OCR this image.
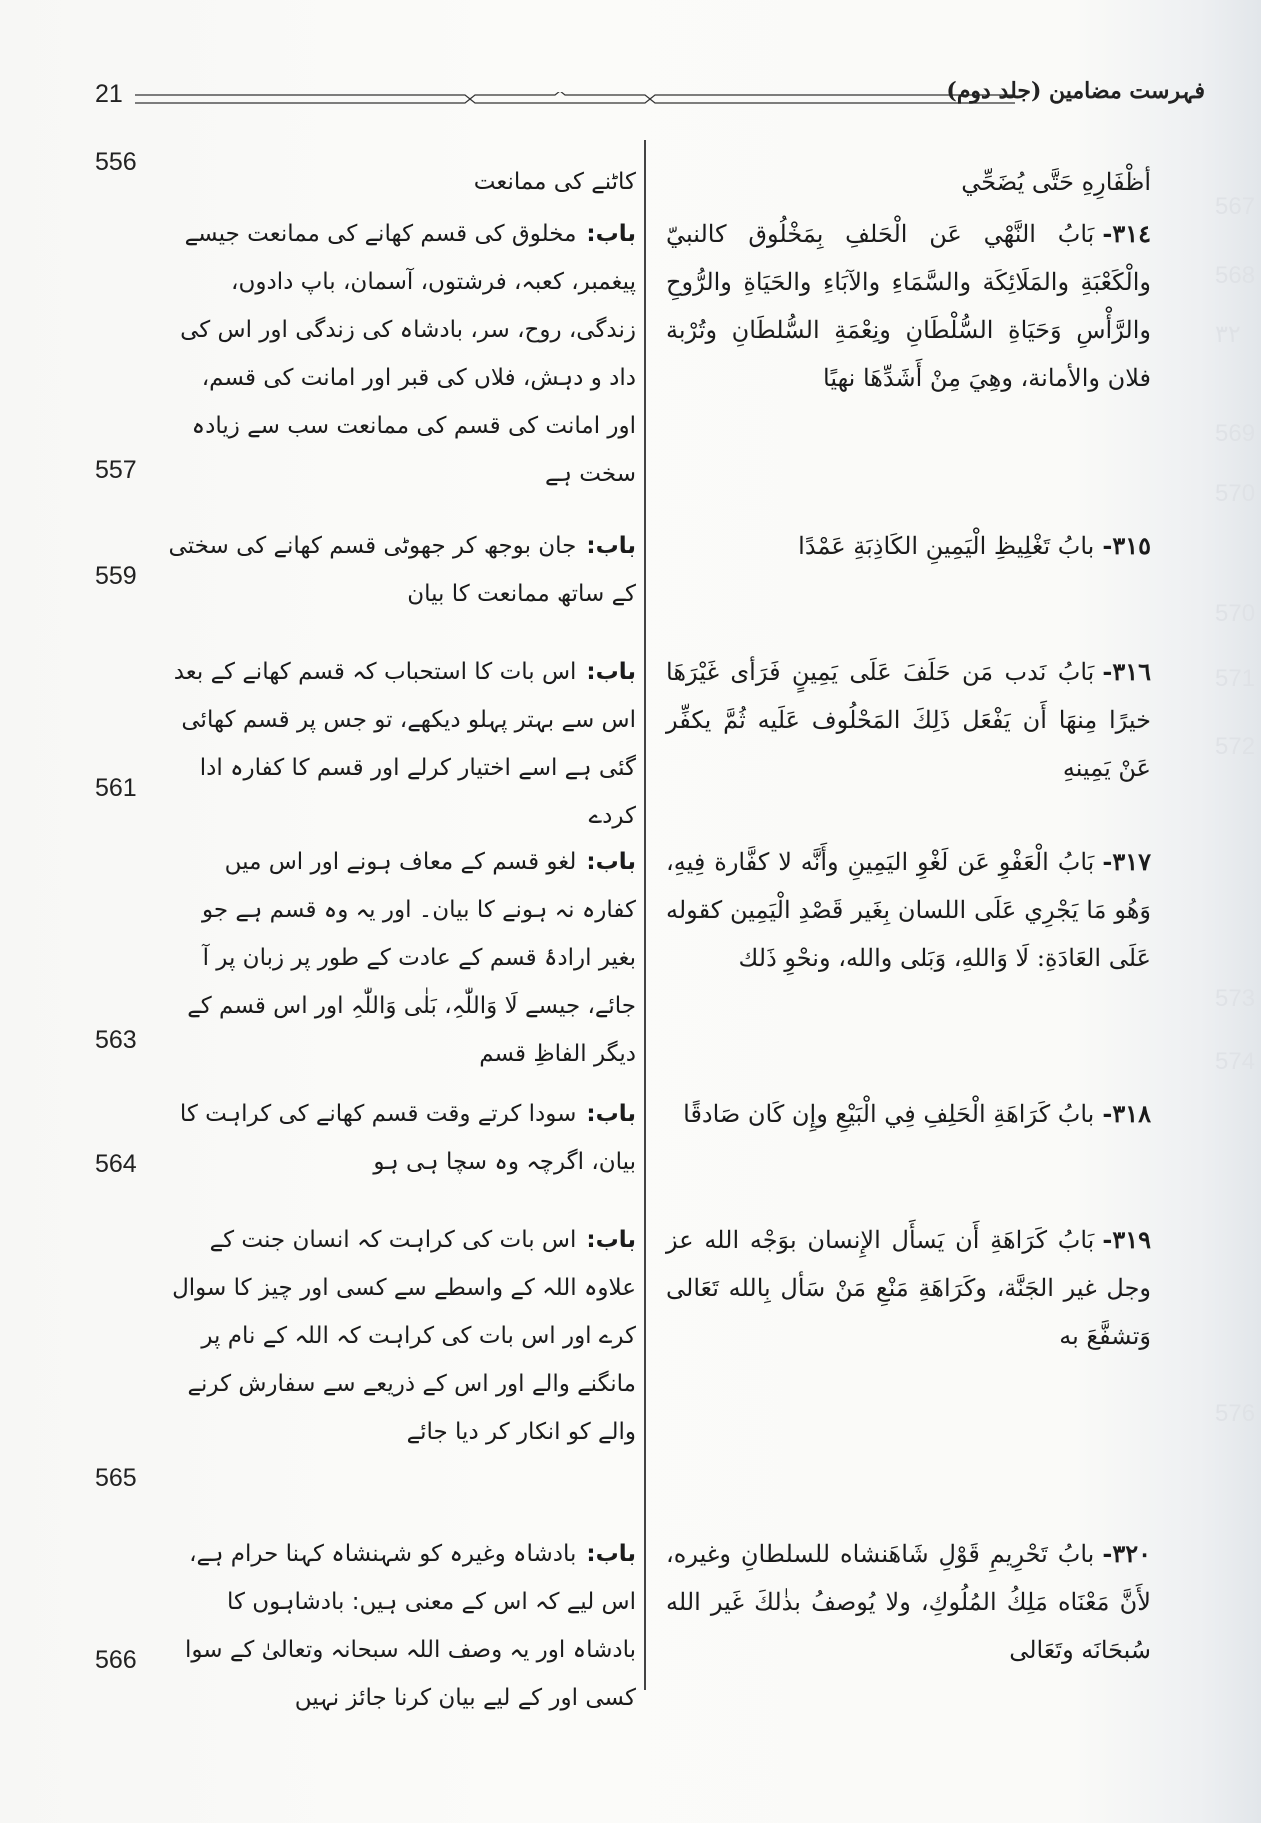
21	فہرست مضامین (جلد دوم)
أظْفَارِهِ حَتَّى يُضَحِّي
کاٹنے کی ممانعت
556
٣١٤-بَابُ النَّهْي عَن الْحَلفِ بِمَخْلُوق كالنبيّ والْكَعْبَةِ والمَلَائِكَة والسَّمَاءِ والآبَاءِ والحَيَاةِ والرُّوحِ والرَّأْسِ وَحَيَاةِ السُّلْطَانِ ونِعْمَةِ السُّلطَانِ وتُرْبة فلان والأمانة، وهِيَ مِنْ أَشَدِّهَا نهيًا
باب:مخلوق کی قسم کھانے کی ممانعت جیسے پیغمبر، کعبہ، فرشتوں، آسمان، باپ دادوں، زندگی، روح، سر، بادشاہ کی زندگی اور اس کی داد و دہش، فلاں کی قبر اور امانت کی قسم، اور امانت کی قسم کی ممانعت سب سے زیادہ سخت ہے
557
٣١٥-بابُ تَغْلِيظِ الْيَمِينِ الكَاذِبَةِ عَمْدًا
باب:جان بوجھ کر جھوٹی قسم کھانے کی سختی کے ساتھ ممانعت کا بیان
559
٣١٦-بَابُ نَدب مَن حَلَفَ عَلَى يَمِينٍ فَرَأى غَيْرَهَا خيرًا مِنهَا أَن يَفْعَل ذَلِكَ المَحْلُوف عَلَيه ثُمَّ يكفِّر عَنْ يَمِينهِ
باب:اس بات کا استحباب کہ قسم کھانے کے بعد اس سے بہتر پہلو دیکھے، تو جس پر قسم کھائی گئی ہے اسے اختیار کرلے اور قسم کا کفارہ ادا کردے
561
٣١٧-بَابُ الْعَفْوِ عَن لَغْوِ اليَمِينِ وأَنَّه لا كفَّارة فِيهِ، وَهُو مَا يَجْرِي عَلَى اللسان بِغَير قَصْدِ الْيَمِين كقوله عَلَى العَادَةِ: لَا وَاللهِ، وَبَلى والله، ونحْوِ ذَلك
باب:لغو قسم کے معاف ہونے اور اس میں کفارہ نہ ہونے کا بیان۔ اور یہ وہ قسم ہے جو بغیر ارادۂ قسم کے عادت کے طور پر زبان پر آ جائے، جیسے لَا وَاللّٰہِ، بَلٰی وَاللّٰہِ اور اس قسم کے دیگر الفاظِ قسم
563
٣١٨-بابُ كَرَاهَةِ الْحَلِفِ فِي الْبَيْعِ وإِن كَان صَادقًا
باب:سودا کرتے وقت قسم کھانے کی کراہت کا بیان، اگرچہ وہ سچا ہی ہو
564
٣١٩-بَابُ كَرَاهَةِ أَن يَسأَل الإِنسان بوَجْه الله عز وجل غير الجَنَّة، وكَرَاهَةِ مَنْعِ مَنْ سَأل بِالله تَعَالى وَتشفَّعَ به
باب:اس بات کی کراہت کہ انسان جنت کے علاوہ اللہ کے واسطے سے کسی اور چیز کا سوال کرے اور اس بات کی کراہت کہ اللہ کے نام پر مانگنے والے اور اس کے ذریعے سے سفارش کرنے والے کو انکار کر دیا جائے
565
٣٢٠-بابُ تَحْرِيمِ قَوْلِ شَاهَنشاه للسلطانِ وغيره، لأَنَّ مَعْنَاه مَلِكُ المُلُوكِ، ولا يُوصفُ بذٰلكَ غَير الله سُبحَانَه وتَعَالى
باب:بادشاہ وغیرہ کو شہنشاہ کہنا حرام ہے، اس لیے کہ اس کے معنی ہیں: بادشاہوں کا بادشاہ اور یہ وصف اللہ سبحانہ وتعالیٰ کے سوا کسی اور کے لیے بیان کرنا جائز نہیں
566
567
568
٣٢
569
570
570
571
572
573
574
576
